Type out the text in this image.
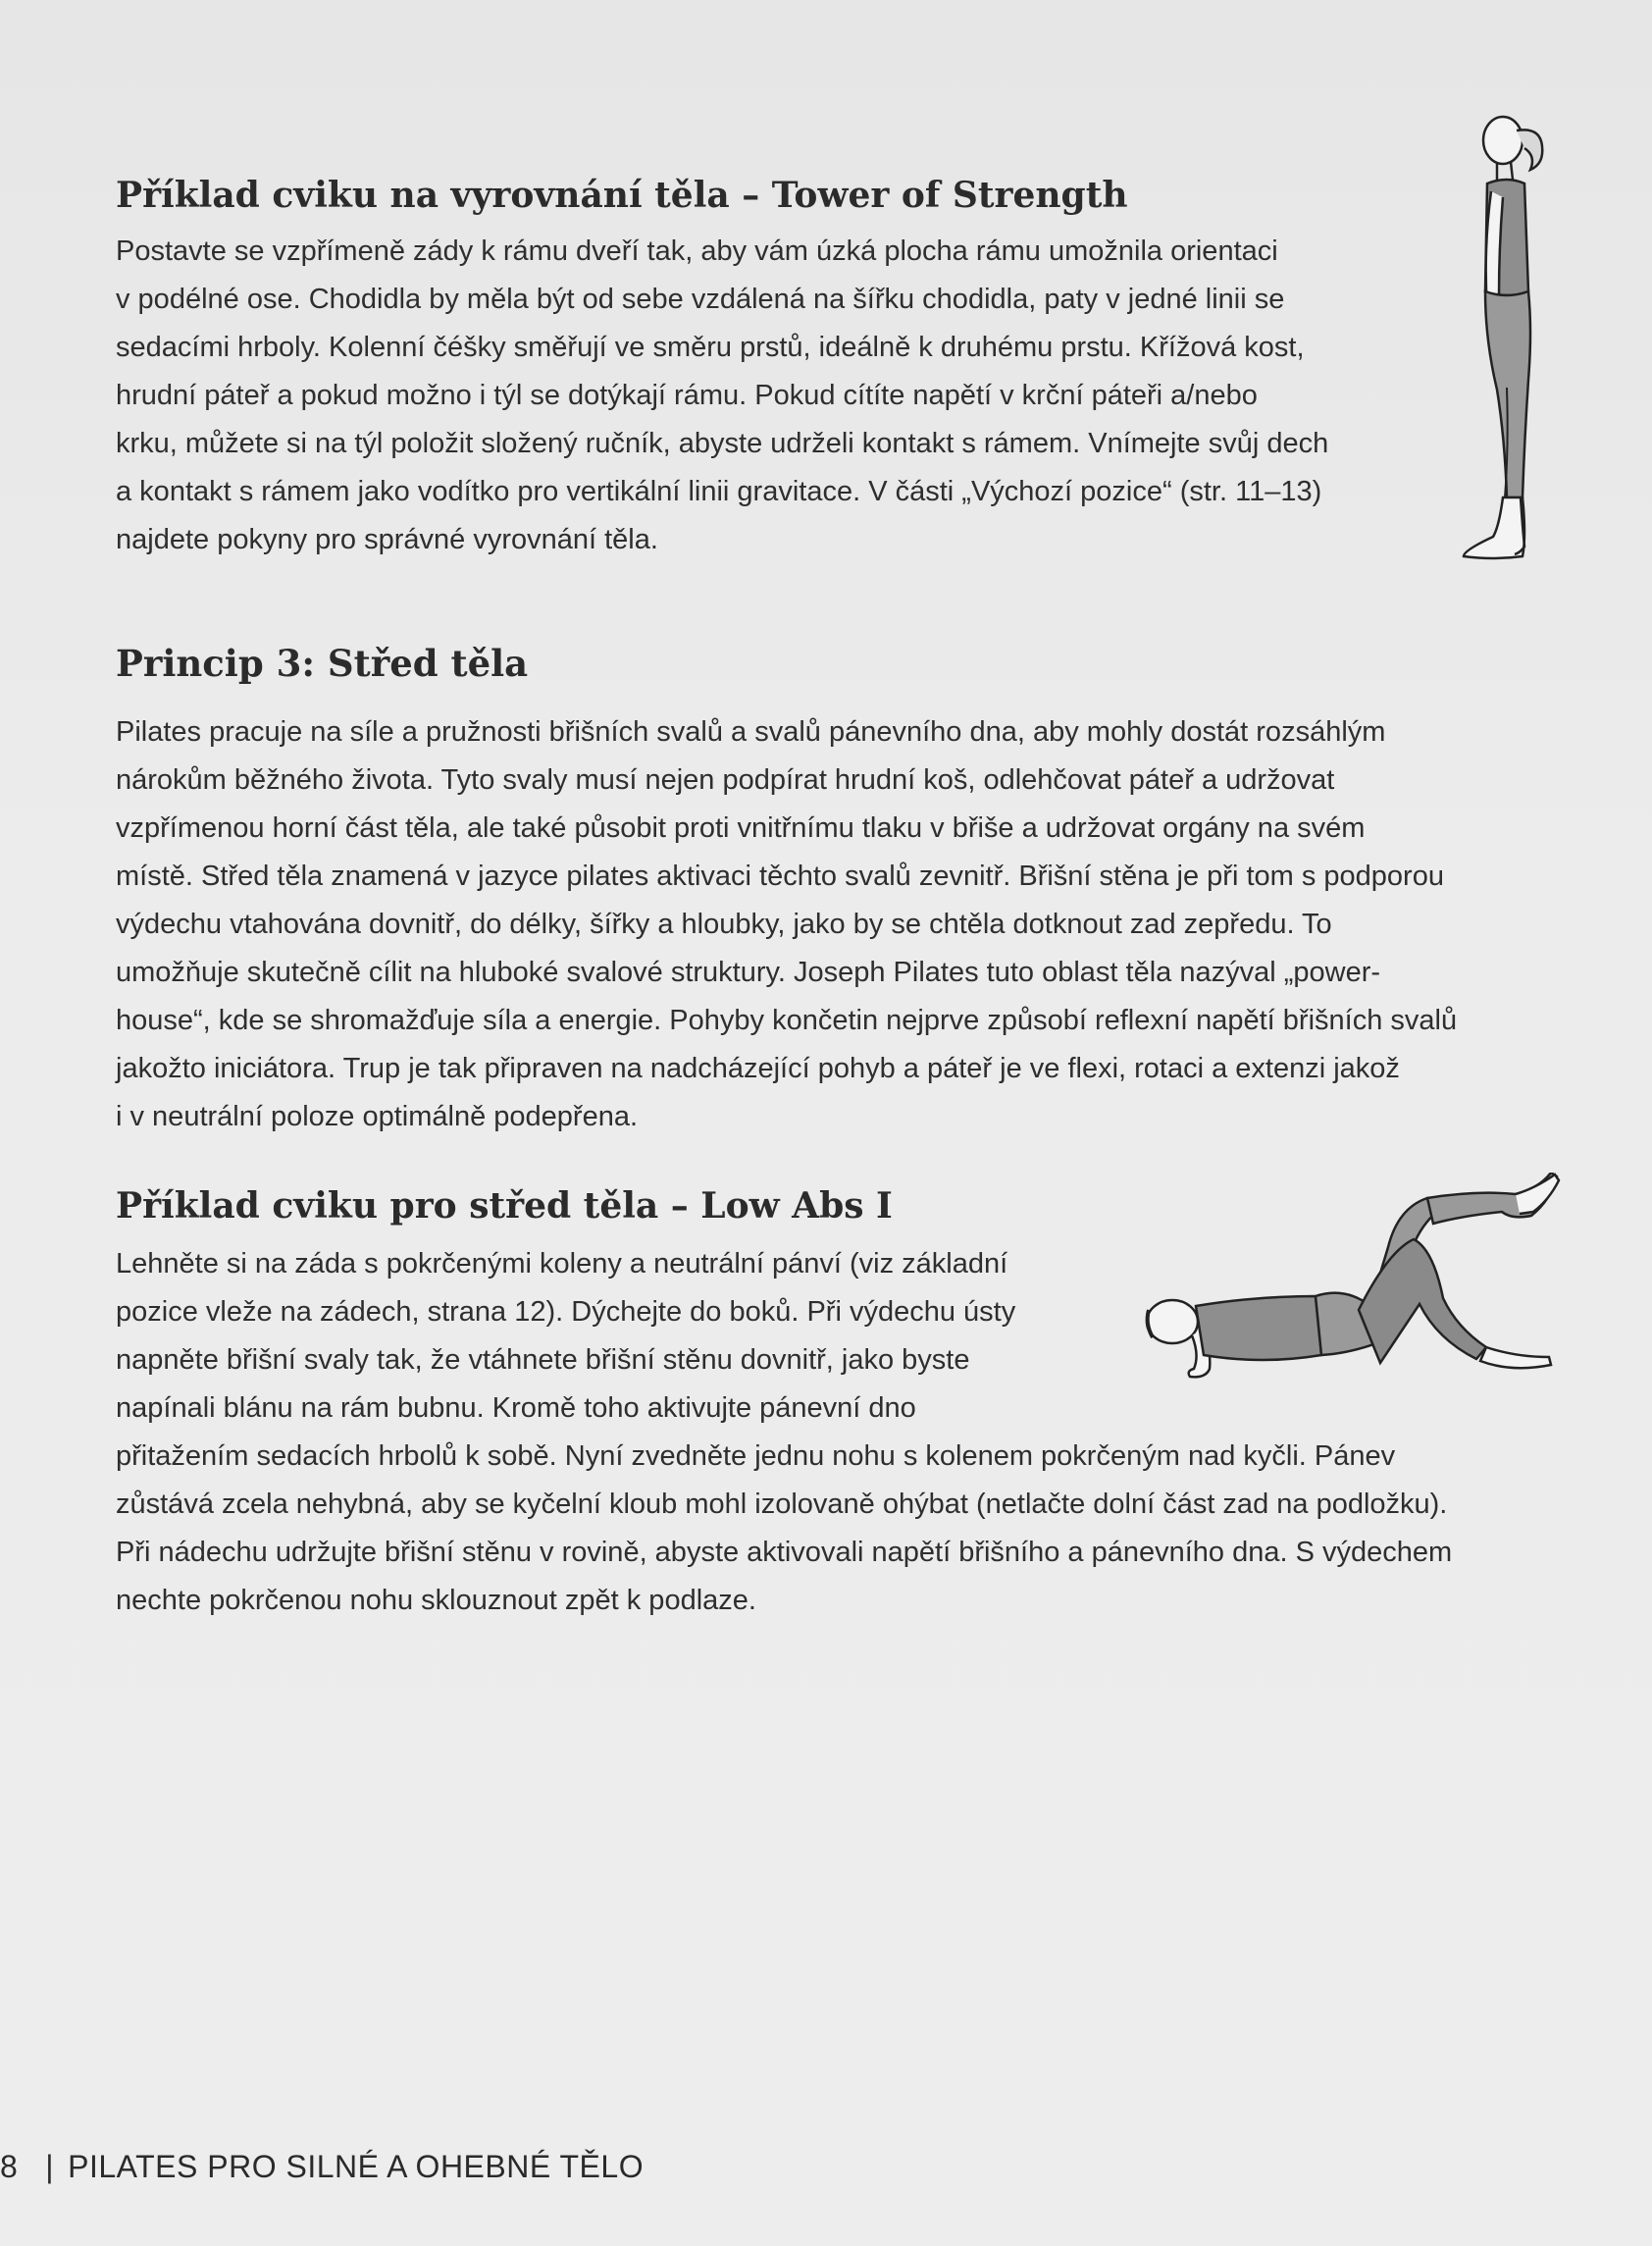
Příklad cviku na vyrovnání těla – Tower of Strength
Postavte se vzpřímeně zády k rámu dveří tak, aby vám úzká plocha rámu umožnila orientaci
v podélné ose. Chodidla by měla být od sebe vzdálená na šířku chodidla, paty v jedné linii se
sedacími hrboly. Kolenní čéšky směřují ve směru prstů, ideálně k druhému prstu. Křížová kost,
hrudní páteř a pokud možno i týl se dotýkají rámu. Pokud cítíte napětí v krční páteři a/nebo
krku, můžete si na týl položit složený ručník, abyste udrželi kontakt s rámem. Vnímejte svůj dech
a kontakt s rámem jako vodítko pro vertikální linii gravitace. V části „Výchozí pozice“ (str. 11–13)
najdete pokyny pro správné vyrovnání těla.
Princip 3: Střed těla
Pilates pracuje na síle a pružnosti břišních svalů a svalů pánevního dna, aby mohly dostát rozsáhlým
nárokům běžného života. Tyto svaly musí nejen podpírat hrudní koš, odlehčovat páteř a udržovat
vzpřímenou horní část těla, ale také působit proti vnitřnímu tlaku v břiše a udržovat orgány na svém
místě. Střed těla znamená v jazyce pilates aktivaci těchto svalů zevnitř. Břišní stěna je při tom s podporou
výdechu vtahována dovnitř, do délky, šířky a hloubky, jako by se chtěla dotknout zad zepředu. To
umožňuje skutečně cílit na hluboké svalové struktury. Joseph Pilates tuto oblast těla nazýval „power-
house“, kde se shromažďuje síla a energie. Pohyby končetin nejprve způsobí reflexní napětí břišních svalů
jakožto iniciátora. Trup je tak připraven na nadcházející pohyb a páteř je ve flexi, rotaci a extenzi jakož
i v neutrální poloze optimálně podepřena.
Příklad cviku pro střed těla – Low Abs I
Lehněte si na záda s pokrčenými koleny a neutrální pánví (viz základní
pozice vleže na zádech, strana 12). Dýchejte do boků. Při výdechu ústy
napněte břišní svaly tak, že vtáhnete břišní stěnu dovnitř, jako byste
napínali blánu na rám bubnu. Kromě toho aktivujte pánevní dno
přitažením sedacích hrbolů k sobě. Nyní zvedněte jednu nohu s kolenem pokrčeným nad kyčli. Pánev
zůstává zcela nehybná, aby se kyčelní kloub mohl izolovaně ohýbat (netlačte dolní část zad na podložku).
Při nádechu udržujte břišní stěnu v rovině, abyste aktivovali napětí břišního a pánevního dna. S výdechem
nechte pokrčenou nohu sklouznout zpět k podlaze.
8 | PILATES PRO SILNÉ A OHEBNÉ TĚLO
